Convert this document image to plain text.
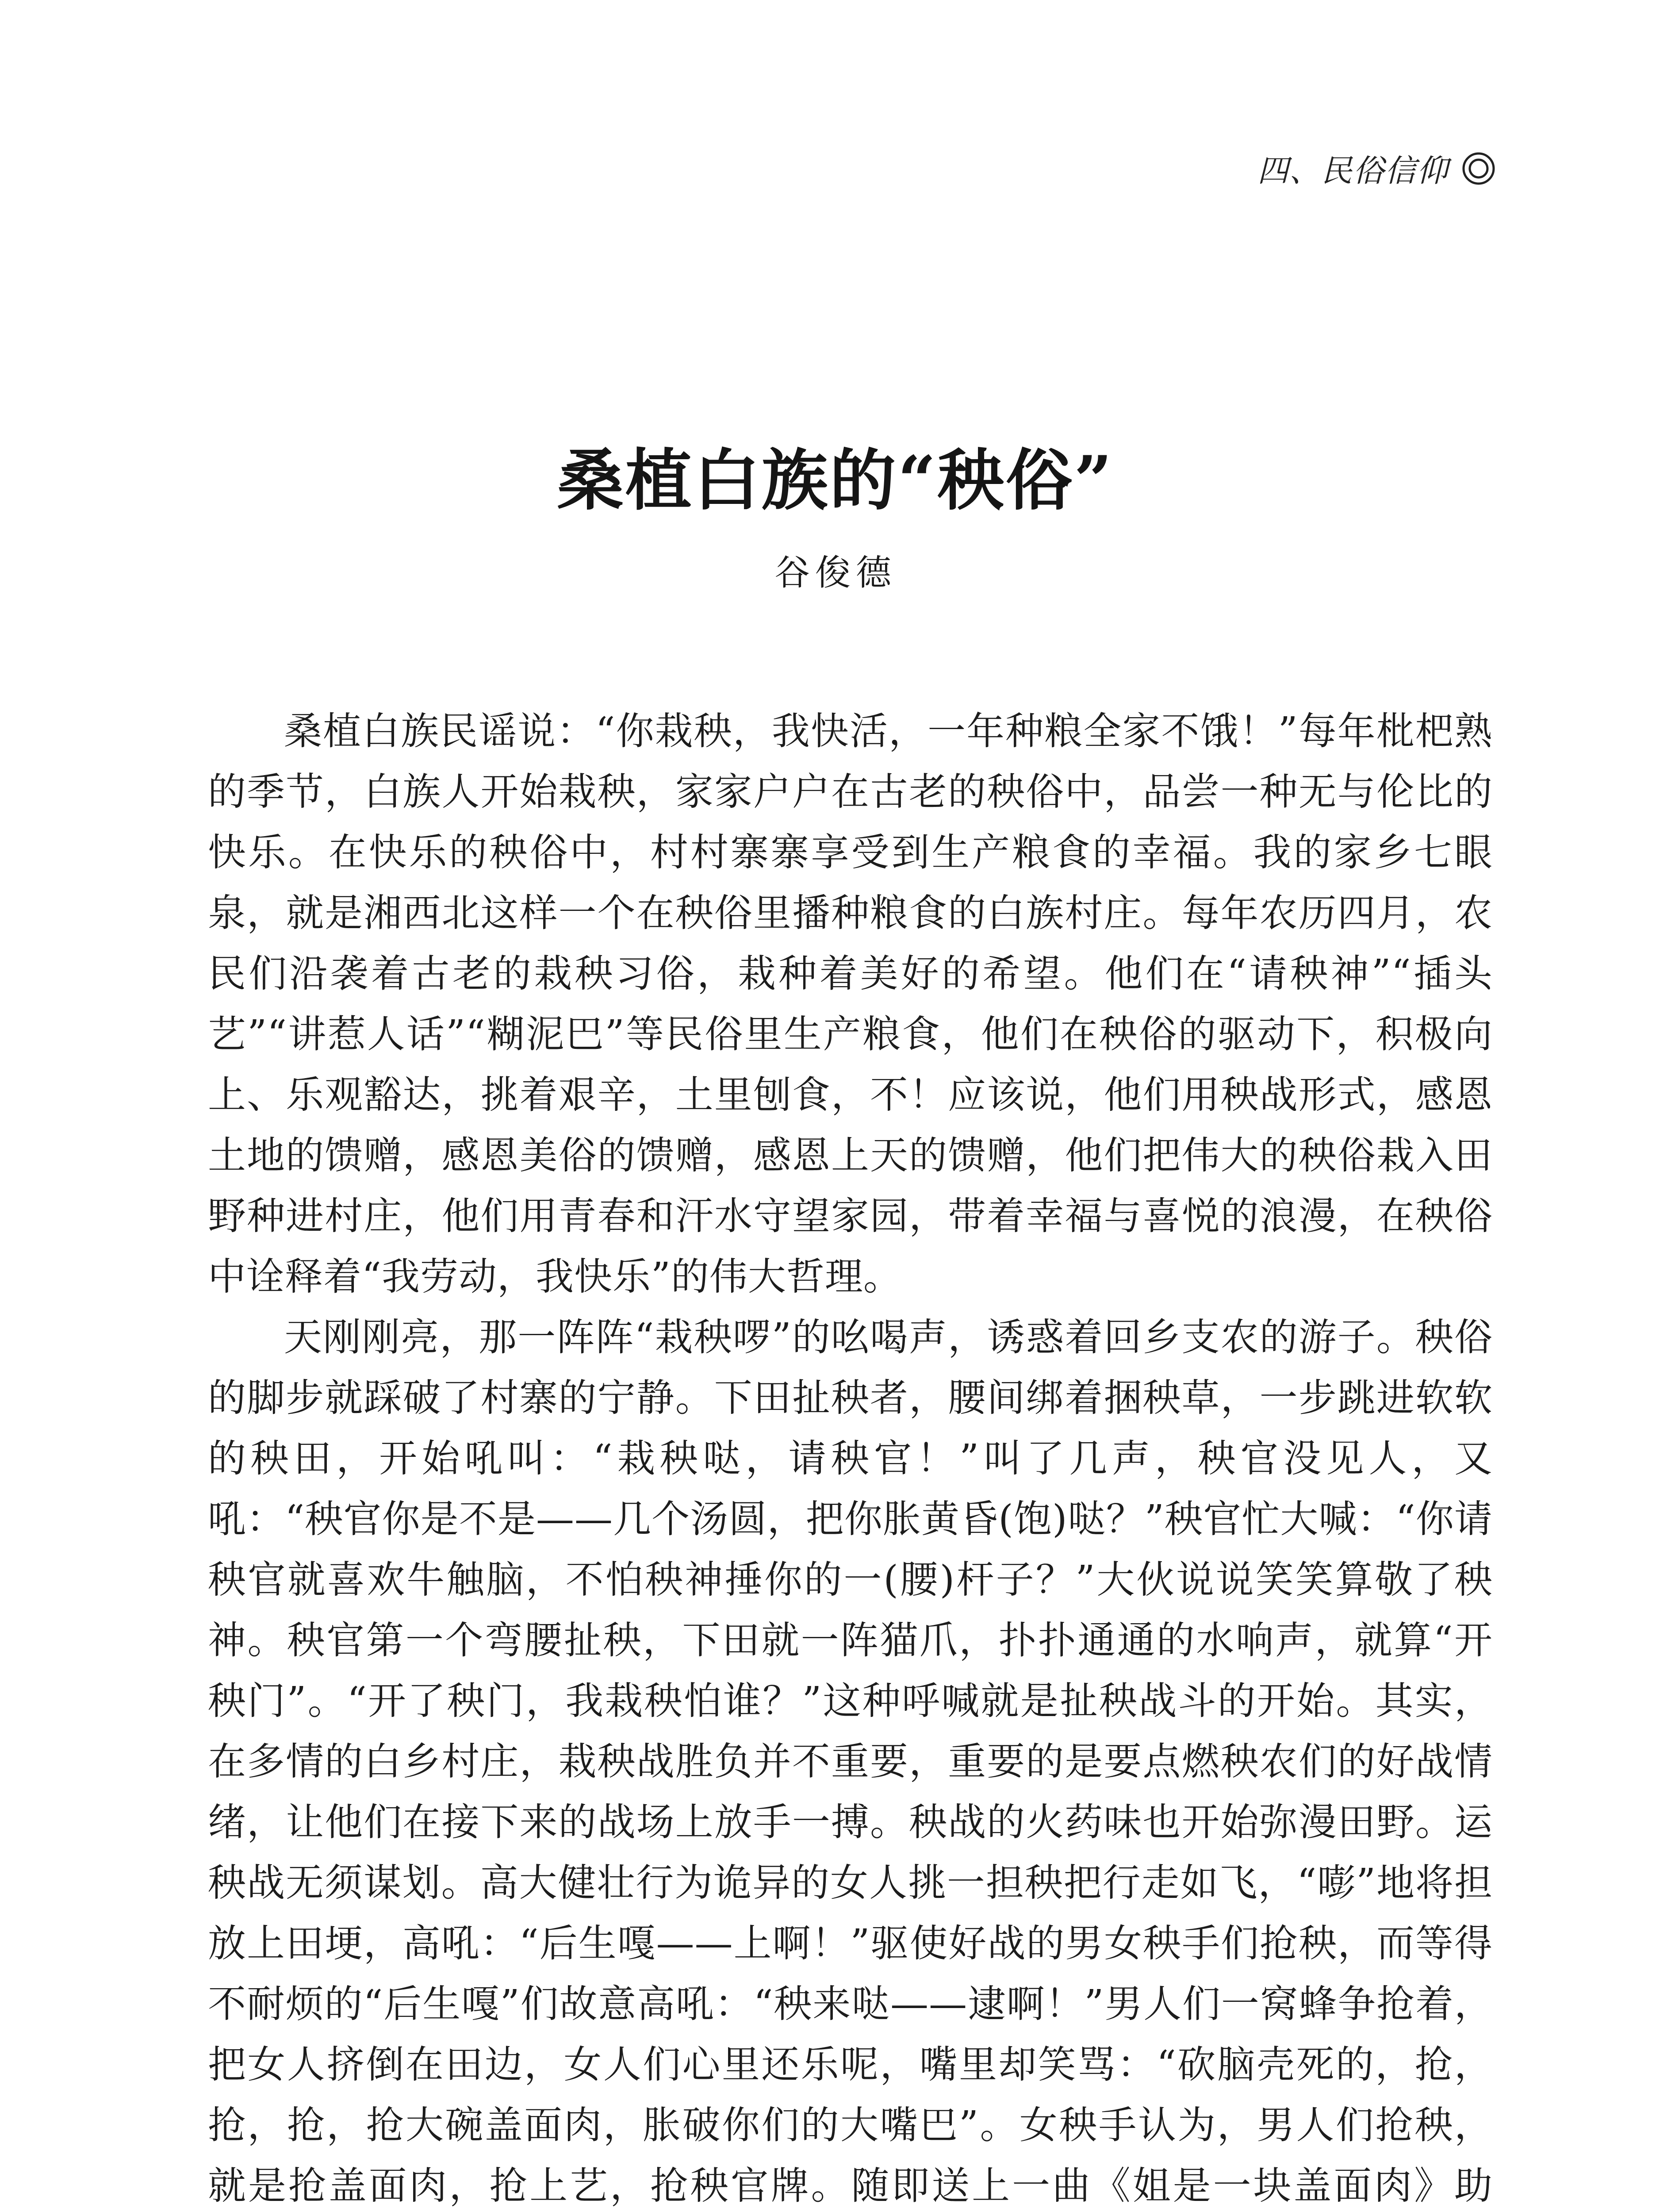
四、民俗信仰
桑植白族的“秧俗”
谷俊德

桑植白族民谣说：“你栽秧，我快活，一年种粮全家不饿！”每年枇杷熟的季节，白族人开始栽秧，家家户户在古老的秧俗中，品尝一种无与伦比的快乐。在快乐的秧俗中，村村寨寨享受到生产粮食的幸福。我的家乡七眼泉，就是湘西北这样一个在秧俗里播种粮食的白族村庄。每年农历四月，农民们沿袭着古老的栽秧习俗，栽种着美好的希望。他们在“请秧神”“插头艺”“讲惹人话”“糊泥巴”等民俗里生产粮食，他们在秧俗的驱动下，积极向上、乐观豁达，挑着艰辛，土里刨食，不！应该说，他们用秧战形式，感恩土地的馈赠，感恩美俗的馈赠，感恩上天的馈赠，他们把伟大的秧俗栽入田野种进村庄，他们用青春和汗水守望家园，带着幸福与喜悦的浪漫，在秧俗中诠释着“我劳动，我快乐”的伟大哲理。

天刚刚亮，那一阵阵“栽秧啰”的吆喝声，诱惑着回乡支农的游子。秧俗的脚步就踩破了村寨的宁静。下田扯秧者，腰间绑着捆秧草，一步跳进软软的秧田，开始吼叫：“栽秧哒，请秧官！”叫了几声，秧官没见人，又吼：“秧官你是不是——几个汤圆，把你胀黄昏(饱)哒？”秧官忙大喊：“你请秧官就喜欢牛触脑，不怕秧神捶你的一(腰)杆子？”大伙说说笑笑算敬了秧神。秧官第一个弯腰扯秧，下田就一阵猫爪，扑扑通通的水响声，就算“开秧门”。“开了秧门，我栽秧怕谁？”这种呼喊就是扯秧战斗的开始。其实，在多情的白乡村庄，栽秧战胜负并不重要，重要的是要点燃秧农们的好战情绪，让他们在接下来的战场上放手一搏。秧战的火药味也开始弥漫田野。运秧战无须谋划。高大健壮行为诡异的女人挑一担秧把行走如飞，“嘭”地将担放上田埂，高吼：“后生嘎——上啊！”驱使好战的男女秧手们抢秧，而等得不耐烦的“后生嘎”们故意高吼：“秧来哒——逮啊！”男人们一窝蜂争抢着，把女人挤倒在田边，女人们心里还乐呢，嘴里却笑骂：“砍脑壳死的，抢，抢，抢，抢大碗盖面肉，胀破你们的大嘴巴”。女秧手认为，男人们抢秧，就是抢盖面肉，抢上艺，抢秧官牌。随即送上一曲《姐是一块盖面肉》助
